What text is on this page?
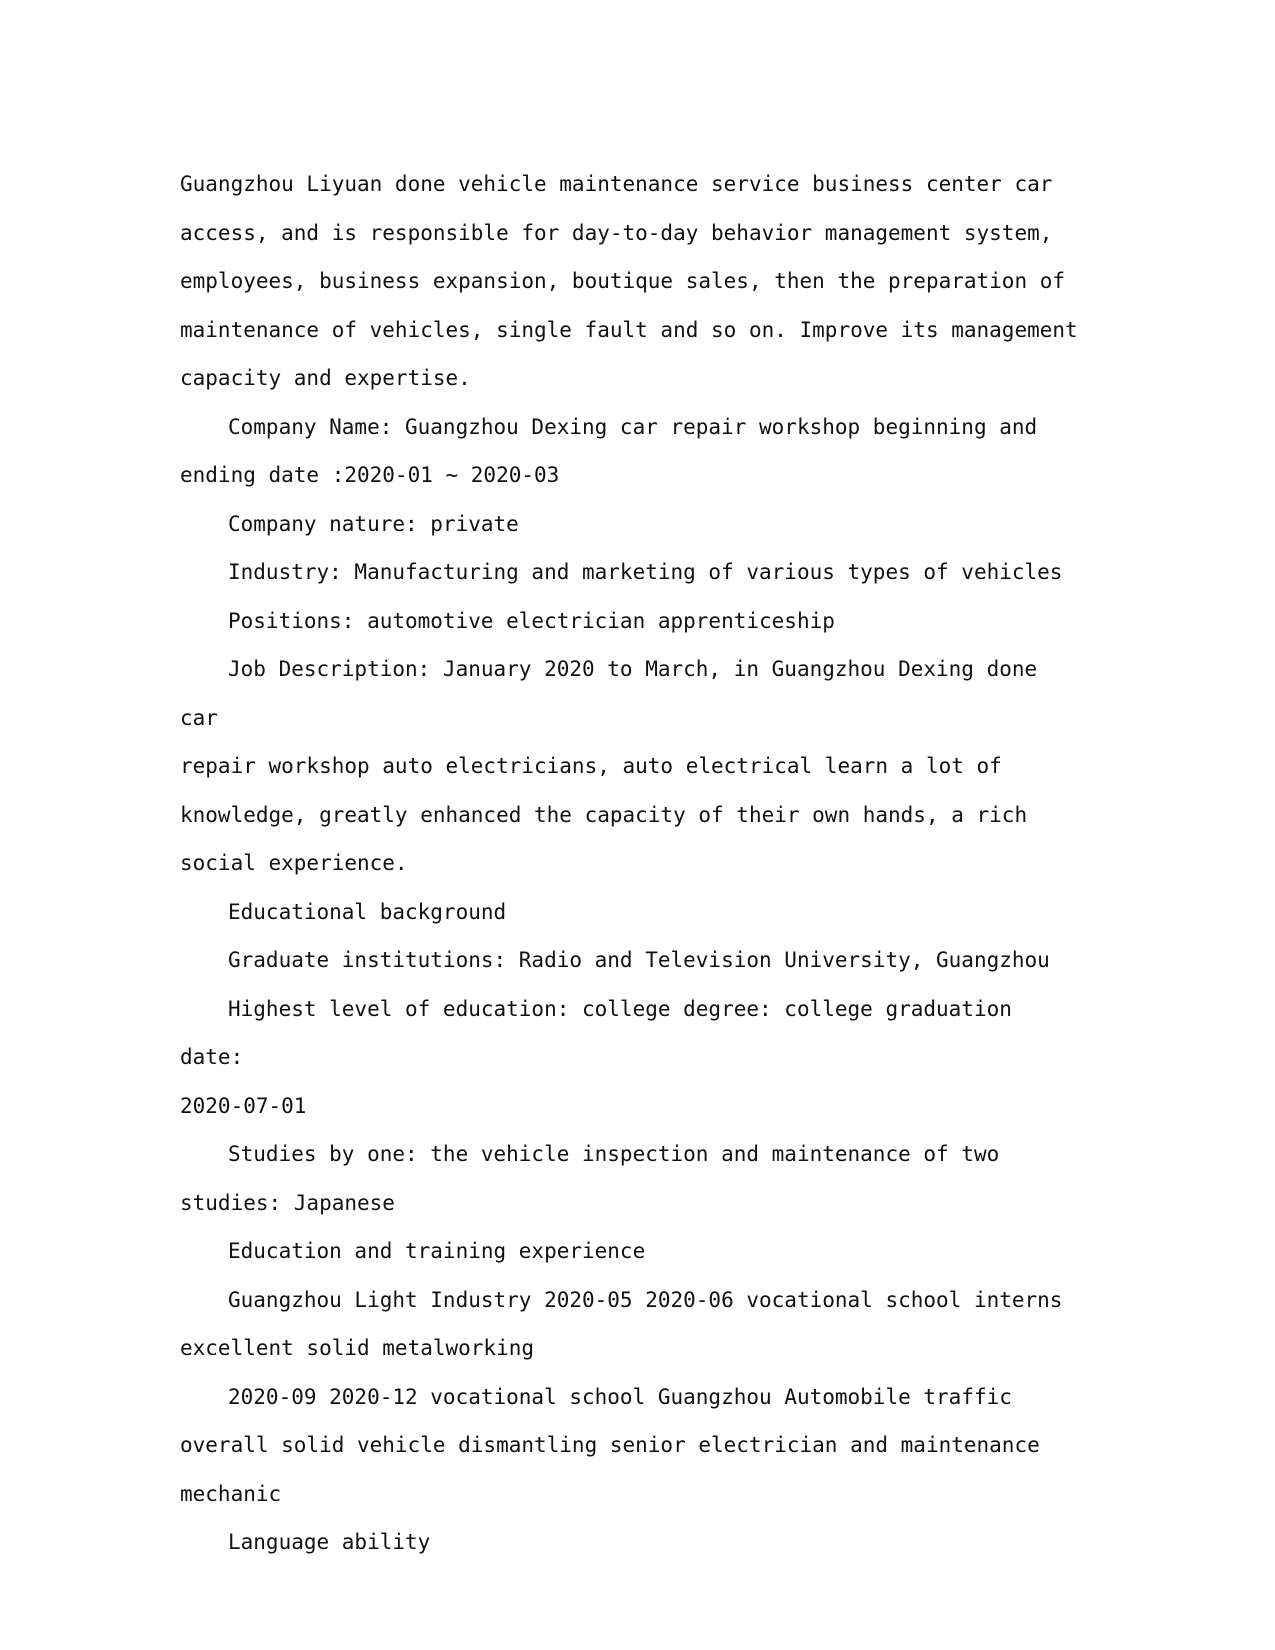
Guangzhou Liyuan done vehicle maintenance service business center car

access, and is responsible for day-to-day behavior management system,

employees, business expansion, boutique sales, then the preparation of

maintenance of vehicles, single fault and so on. Improve its management

capacity and expertise.

Company Name: Guangzhou Dexing car repair workshop beginning and

ending date :2020-01 ~ 2020-03

Company nature: private

Industry: Manufacturing and marketing of various types of vehicles

Positions: automotive electrician apprenticeship

Job Description: January 2020 to March, in Guangzhou Dexing done car

repair workshop auto electricians, auto electrical learn a lot of

knowledge, greatly enhanced the capacity of their own hands, a rich

social experience.

Educational background

Graduate institutions: Radio and Television University, Guangzhou

Highest level of education: college degree: college graduation date:

2020-07-01

Studies by one: the vehicle inspection and maintenance of two

studies: Japanese

Education and training experience

Guangzhou Light Industry 2020-05 2020-06 vocational school interns

excellent solid metalworking

2020-09 2020-12 vocational school Guangzhou Automobile traffic

overall solid vehicle dismantling senior electrician and maintenance

mechanic

Language ability
